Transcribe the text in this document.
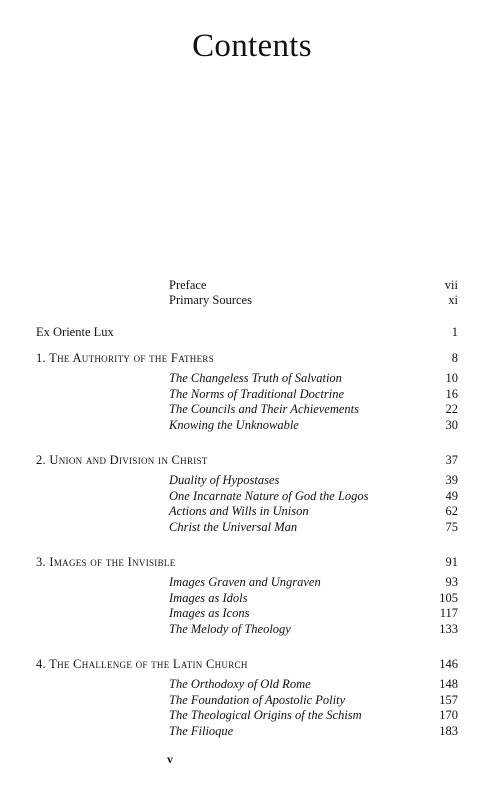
Contents
Preface	vii
Primary Sources	xi
Ex Oriente Lux	1
1. The Authority of the Fathers	8
The Changeless Truth of Salvation	10
The Norms of Traditional Doctrine	16
The Councils and Their Achievements	22
Knowing the Unknowable	30
2. Union and Division in Christ	37
Duality of Hypostases	39
One Incarnate Nature of God the Logos	49
Actions and Wills in Unison	62
Christ the Universal Man	75
3. Images of the Invisible	91
Images Graven and Ungraven	93
Images as Idols	105
Images as Icons	117
The Melody of Theology	133
4. The Challenge of the Latin Church	146
The Orthodoxy of Old Rome	148
The Foundation of Apostolic Polity	157
The Theological Origins of the Schism	170
The Filioque	183
v
